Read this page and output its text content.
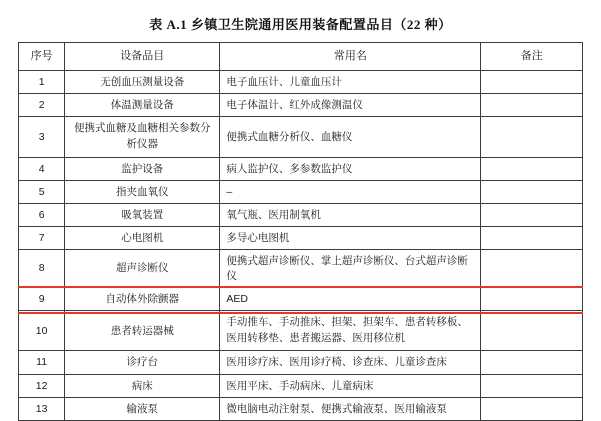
表 A.1 乡镇卫生院通用医用装备配置品目（22 种）
序号	设备品目	常用名	备注
1	无创血压测量设备	电子血压计、儿童血压计	
2	体温测量设备	电子体温计、红外成像测温仪	
3	便携式血糖及血糖相关参数分析仪器	便携式血糖分析仪、血糖仪	
4	监护设备	病人监护仪、多参数监护仪	
5	指夹血氧仪	–	
6	吸氧装置	氧气瓶、医用制氧机	
7	心电图机	多导心电图机	
8	超声诊断仪	便携式超声诊断仪、掌上超声诊断仪、台式超声诊断仪	
9	自动体外除颤器	AED	
10	患者转运器械	手动推车、手动推床、担架、担架车、患者转移板、医用转移垫、患者搬运器、医用移位机	
11	诊疗台	医用诊疗床、医用诊疗椅、诊查床、儿童诊查床	
12	病床	医用平床、手动病床、儿童病床	
13	输液泵	微电脑电动注射泵、便携式输液泵、医用输液泵	
